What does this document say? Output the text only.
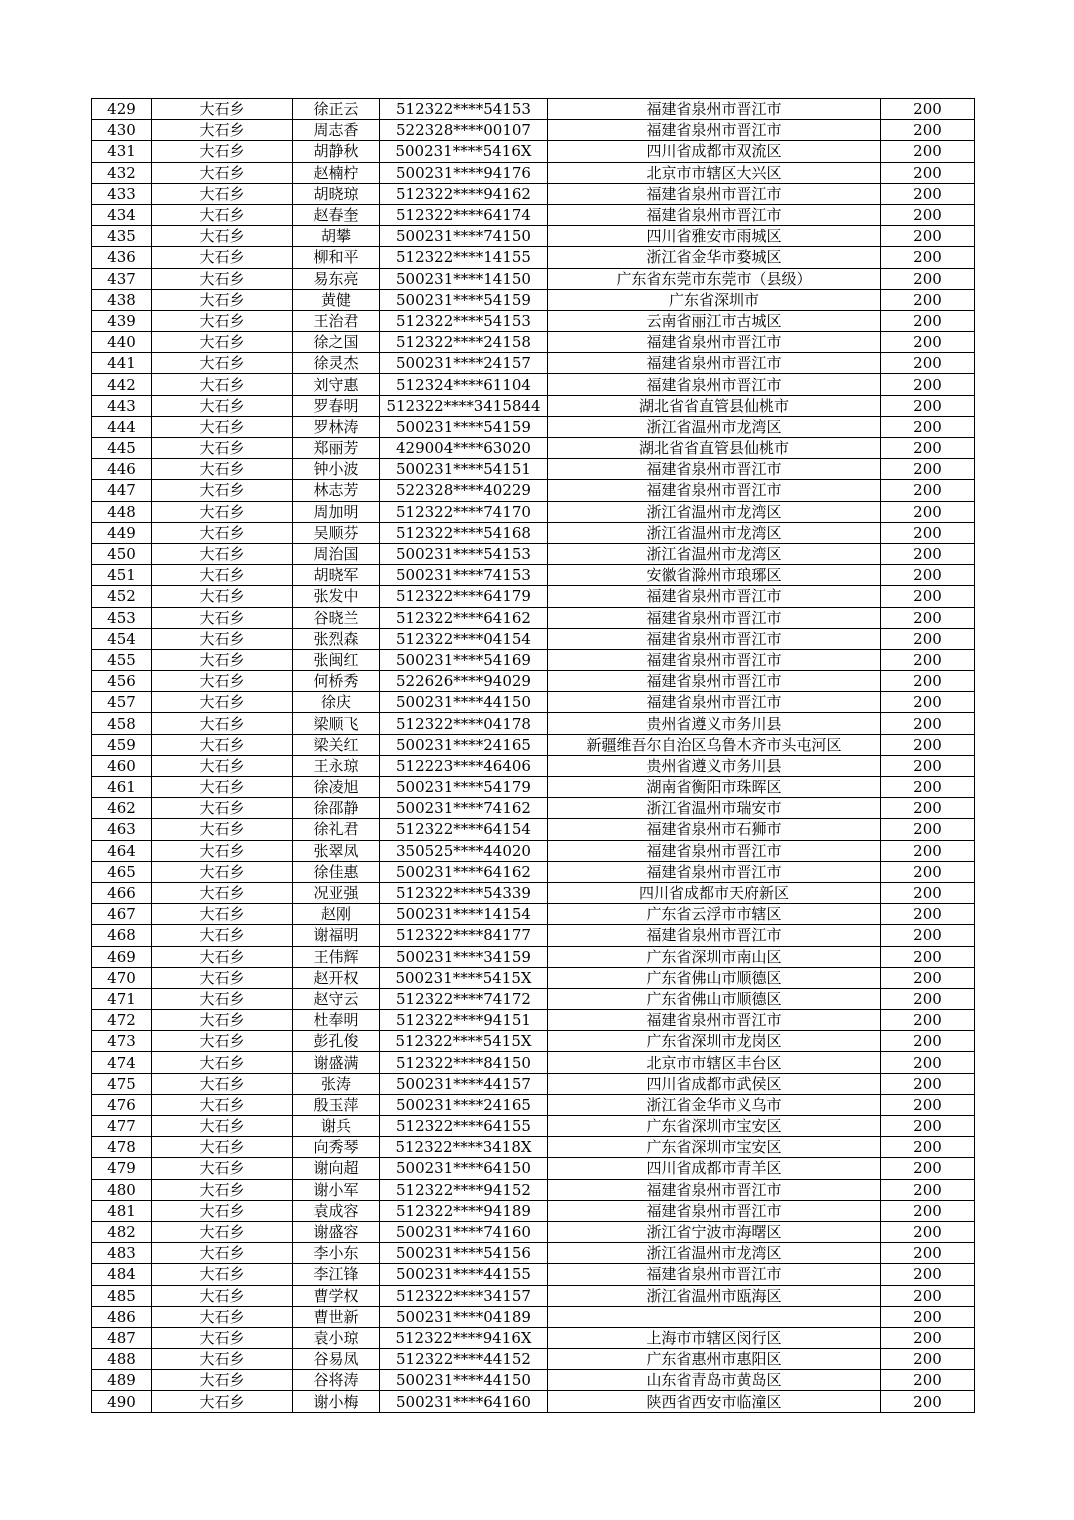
429	大石乡	徐正云	512322****54153	福建省泉州市晋江市	200
430	大石乡	周志香	522328****00107	福建省泉州市晋江市	200
431	大石乡	胡静秋	500231****5416X	四川省成都市双流区	200
432	大石乡	赵楠柠	500231****94176	北京市市辖区大兴区	200
433	大石乡	胡晓琼	512322****94162	福建省泉州市晋江市	200
434	大石乡	赵春奎	512322****64174	福建省泉州市晋江市	200
435	大石乡	胡攀	500231****74150	四川省雅安市雨城区	200
436	大石乡	柳和平	512322****14155	浙江省金华市婺城区	200
437	大石乡	易东亮	500231****14150	广东省东莞市东莞市（县级）	200
438	大石乡	黄健	500231****54159	广东省深圳市	200
439	大石乡	王治君	512322****54153	云南省丽江市古城区	200
440	大石乡	徐之国	512322****24158	福建省泉州市晋江市	200
441	大石乡	徐灵杰	500231****24157	福建省泉州市晋江市	200
442	大石乡	刘守惠	512324****61104	福建省泉州市晋江市	200
443	大石乡	罗春明	512322****3415844	湖北省省直管县仙桃市	200
444	大石乡	罗林涛	500231****54159	浙江省温州市龙湾区	200
445	大石乡	郑丽芳	429004****63020	湖北省省直管县仙桃市	200
446	大石乡	钟小波	500231****54151	福建省泉州市晋江市	200
447	大石乡	林志芳	522328****40229	福建省泉州市晋江市	200
448	大石乡	周加明	512322****74170	浙江省温州市龙湾区	200
449	大石乡	吴顺芬	512322****54168	浙江省温州市龙湾区	200
450	大石乡	周治国	500231****54153	浙江省温州市龙湾区	200
451	大石乡	胡晓军	500231****74153	安徽省滁州市琅琊区	200
452	大石乡	张发中	512322****64179	福建省泉州市晋江市	200
453	大石乡	谷晓兰	512322****64162	福建省泉州市晋江市	200
454	大石乡	张烈森	512322****04154	福建省泉州市晋江市	200
455	大石乡	张闽红	500231****54169	福建省泉州市晋江市	200
456	大石乡	何桥秀	522626****94029	福建省泉州市晋江市	200
457	大石乡	徐庆	500231****44150	福建省泉州市晋江市	200
458	大石乡	梁顺飞	512322****04178	贵州省遵义市务川县	200
459	大石乡	梁关红	500231****24165	新疆维吾尔自治区乌鲁木齐市头屯河区	200
460	大石乡	王永琼	512223****46406	贵州省遵义市务川县	200
461	大石乡	徐凌旭	500231****54179	湖南省衡阳市珠晖区	200
462	大石乡	徐邵静	500231****74162	浙江省温州市瑞安市	200
463	大石乡	徐礼君	512322****64154	福建省泉州市石狮市	200
464	大石乡	张翠凤	350525****44020	福建省泉州市晋江市	200
465	大石乡	徐佳惠	500231****64162	福建省泉州市晋江市	200
466	大石乡	况亚强	512322****54339	四川省成都市天府新区	200
467	大石乡	赵刚	500231****14154	广东省云浮市市辖区	200
468	大石乡	谢福明	512322****84177	福建省泉州市晋江市	200
469	大石乡	王伟辉	500231****34159	广东省深圳市南山区	200
470	大石乡	赵开权	500231****5415X	广东省佛山市顺德区	200
471	大石乡	赵守云	512322****74172	广东省佛山市顺德区	200
472	大石乡	杜奉明	512322****94151	福建省泉州市晋江市	200
473	大石乡	彭孔俊	512322****5415X	广东省深圳市龙岗区	200
474	大石乡	谢盛满	512322****84150	北京市市辖区丰台区	200
475	大石乡	张涛	500231****44157	四川省成都市武侯区	200
476	大石乡	殷玉萍	500231****24165	浙江省金华市义乌市	200
477	大石乡	谢兵	512322****64155	广东省深圳市宝安区	200
478	大石乡	向秀琴	512322****3418X	广东省深圳市宝安区	200
479	大石乡	谢向超	500231****64150	四川省成都市青羊区	200
480	大石乡	谢小军	512322****94152	福建省泉州市晋江市	200
481	大石乡	袁成容	512322****94189	福建省泉州市晋江市	200
482	大石乡	谢盛容	500231****74160	浙江省宁波市海曙区	200
483	大石乡	李小东	500231****54156	浙江省温州市龙湾区	200
484	大石乡	李江锋	500231****44155	福建省泉州市晋江市	200
485	大石乡	曹学权	512322****34157	浙江省温州市瓯海区	200
486	大石乡	曹世新	500231****04189		200
487	大石乡	袁小琼	512322****9416X	上海市市辖区闵行区	200
488	大石乡	谷易凤	512322****44152	广东省惠州市惠阳区	200
489	大石乡	谷将涛	500231****44150	山东省青岛市黄岛区	200
490	大石乡	谢小梅	500231****64160	陕西省西安市临潼区	200
